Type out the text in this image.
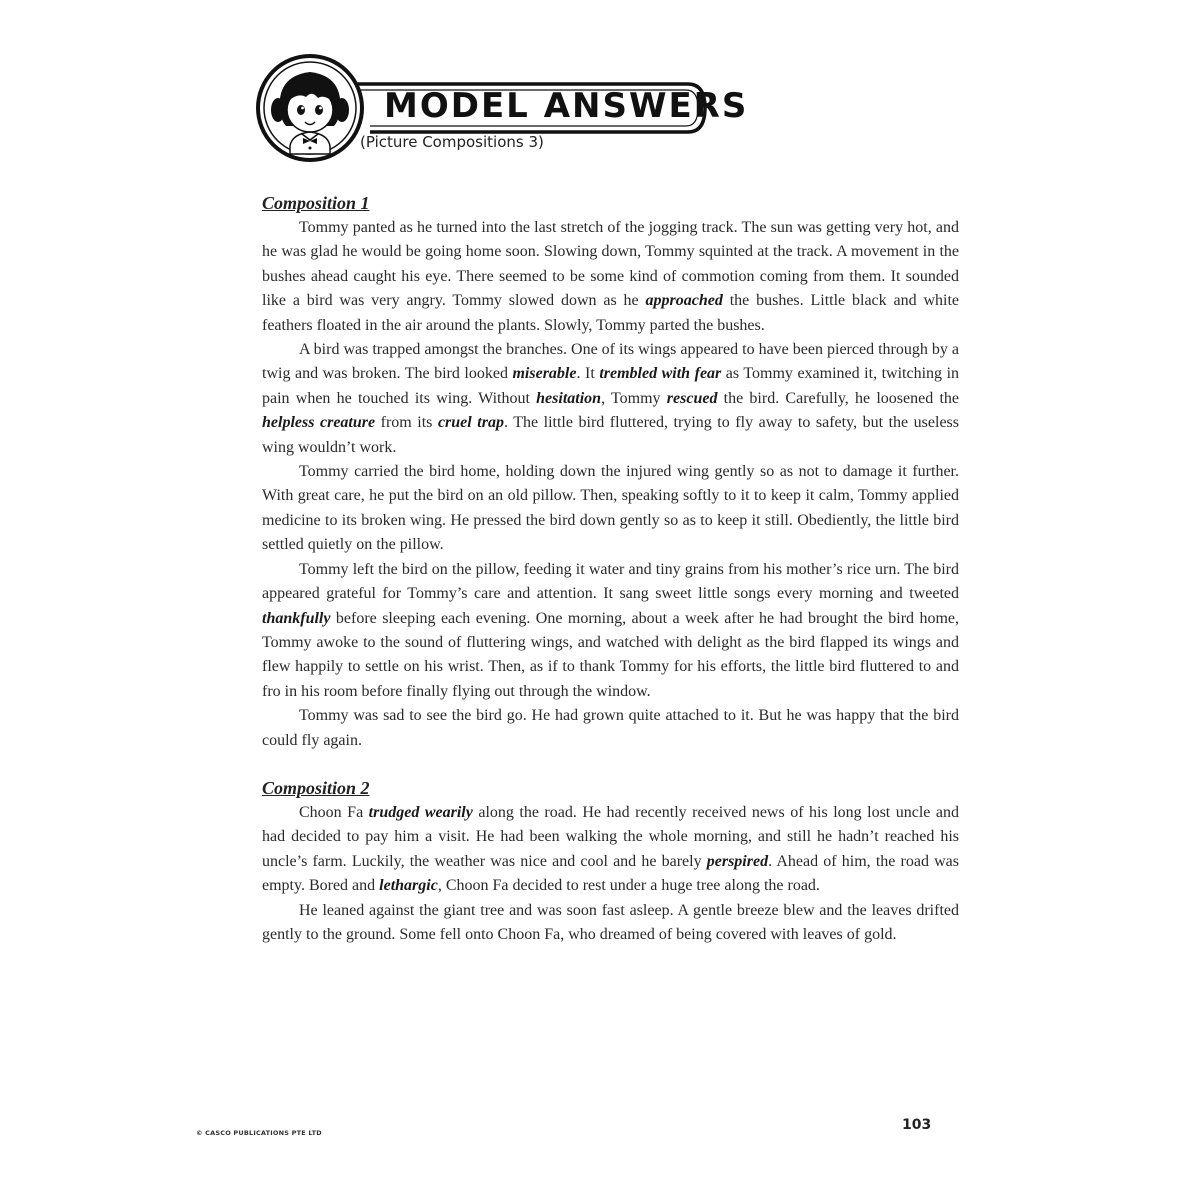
MODEL ANSWERS
(Picture Compositions 3)
Composition 1

Tommy panted as he turned into the last stretch of the jogging track. The sun was getting very hot, and he was glad he would be going home soon. Slowing down, Tommy squinted at the track. A movement in the bushes ahead caught his eye. There seemed to be some kind of commotion coming from them. It sounded like a bird was very angry. Tommy slowed down as he approached the bushes. Little black and white feathers floated in the air around the plants. Slowly, Tommy parted the bushes.

A bird was trapped amongst the branches. One of its wings appeared to have been pierced through by a twig and was broken. The bird looked miserable. It trembled with fear as Tommy examined it, twitching in pain when he touched its wing. Without hesitation, Tommy rescued the bird. Carefully, he loosened the helpless creature from its cruel trap. The little bird fluttered, trying to fly away to safety, but the useless wing wouldn’t work.

Tommy carried the bird home, holding down the injured wing gently so as not to damage it further. With great care, he put the bird on an old pillow. Then, speaking softly to it to keep it calm, Tommy applied medicine to its broken wing. He pressed the bird down gently so as to keep it still. Obediently, the little bird settled quietly on the pillow.

Tommy left the bird on the pillow, feeding it water and tiny grains from his mother’s rice urn. The bird appeared grateful for Tommy’s care and attention. It sang sweet little songs every morning and tweeted thankfully before sleeping each evening. One morning, about a week after he had brought the bird home, Tommy awoke to the sound of fluttering wings, and watched with delight as the bird flapped its wings and flew happily to settle on his wrist. Then, as if to thank Tommy for his efforts, the little bird fluttered to and fro in his room before finally flying out through the window.

Tommy was sad to see the bird go. He had grown quite attached to it. But he was happy that the bird could fly again.

Composition 2

Choon Fa trudged wearily along the road. He had recently received news of his long lost uncle and had decided to pay him a visit. He had been walking the whole morning, and still he hadn’t reached his uncle’s farm. Luckily, the weather was nice and cool and he barely perspired. Ahead of him, the road was empty. Bored and lethargic, Choon Fa decided to rest under a huge tree along the road.

He leaned against the giant tree and was soon fast asleep. A gentle breeze blew and the leaves drifted gently to the ground. Some fell onto Choon Fa, who dreamed of being covered with leaves of gold.

© CASCO PUBLICATIONS PTE LTD	103
